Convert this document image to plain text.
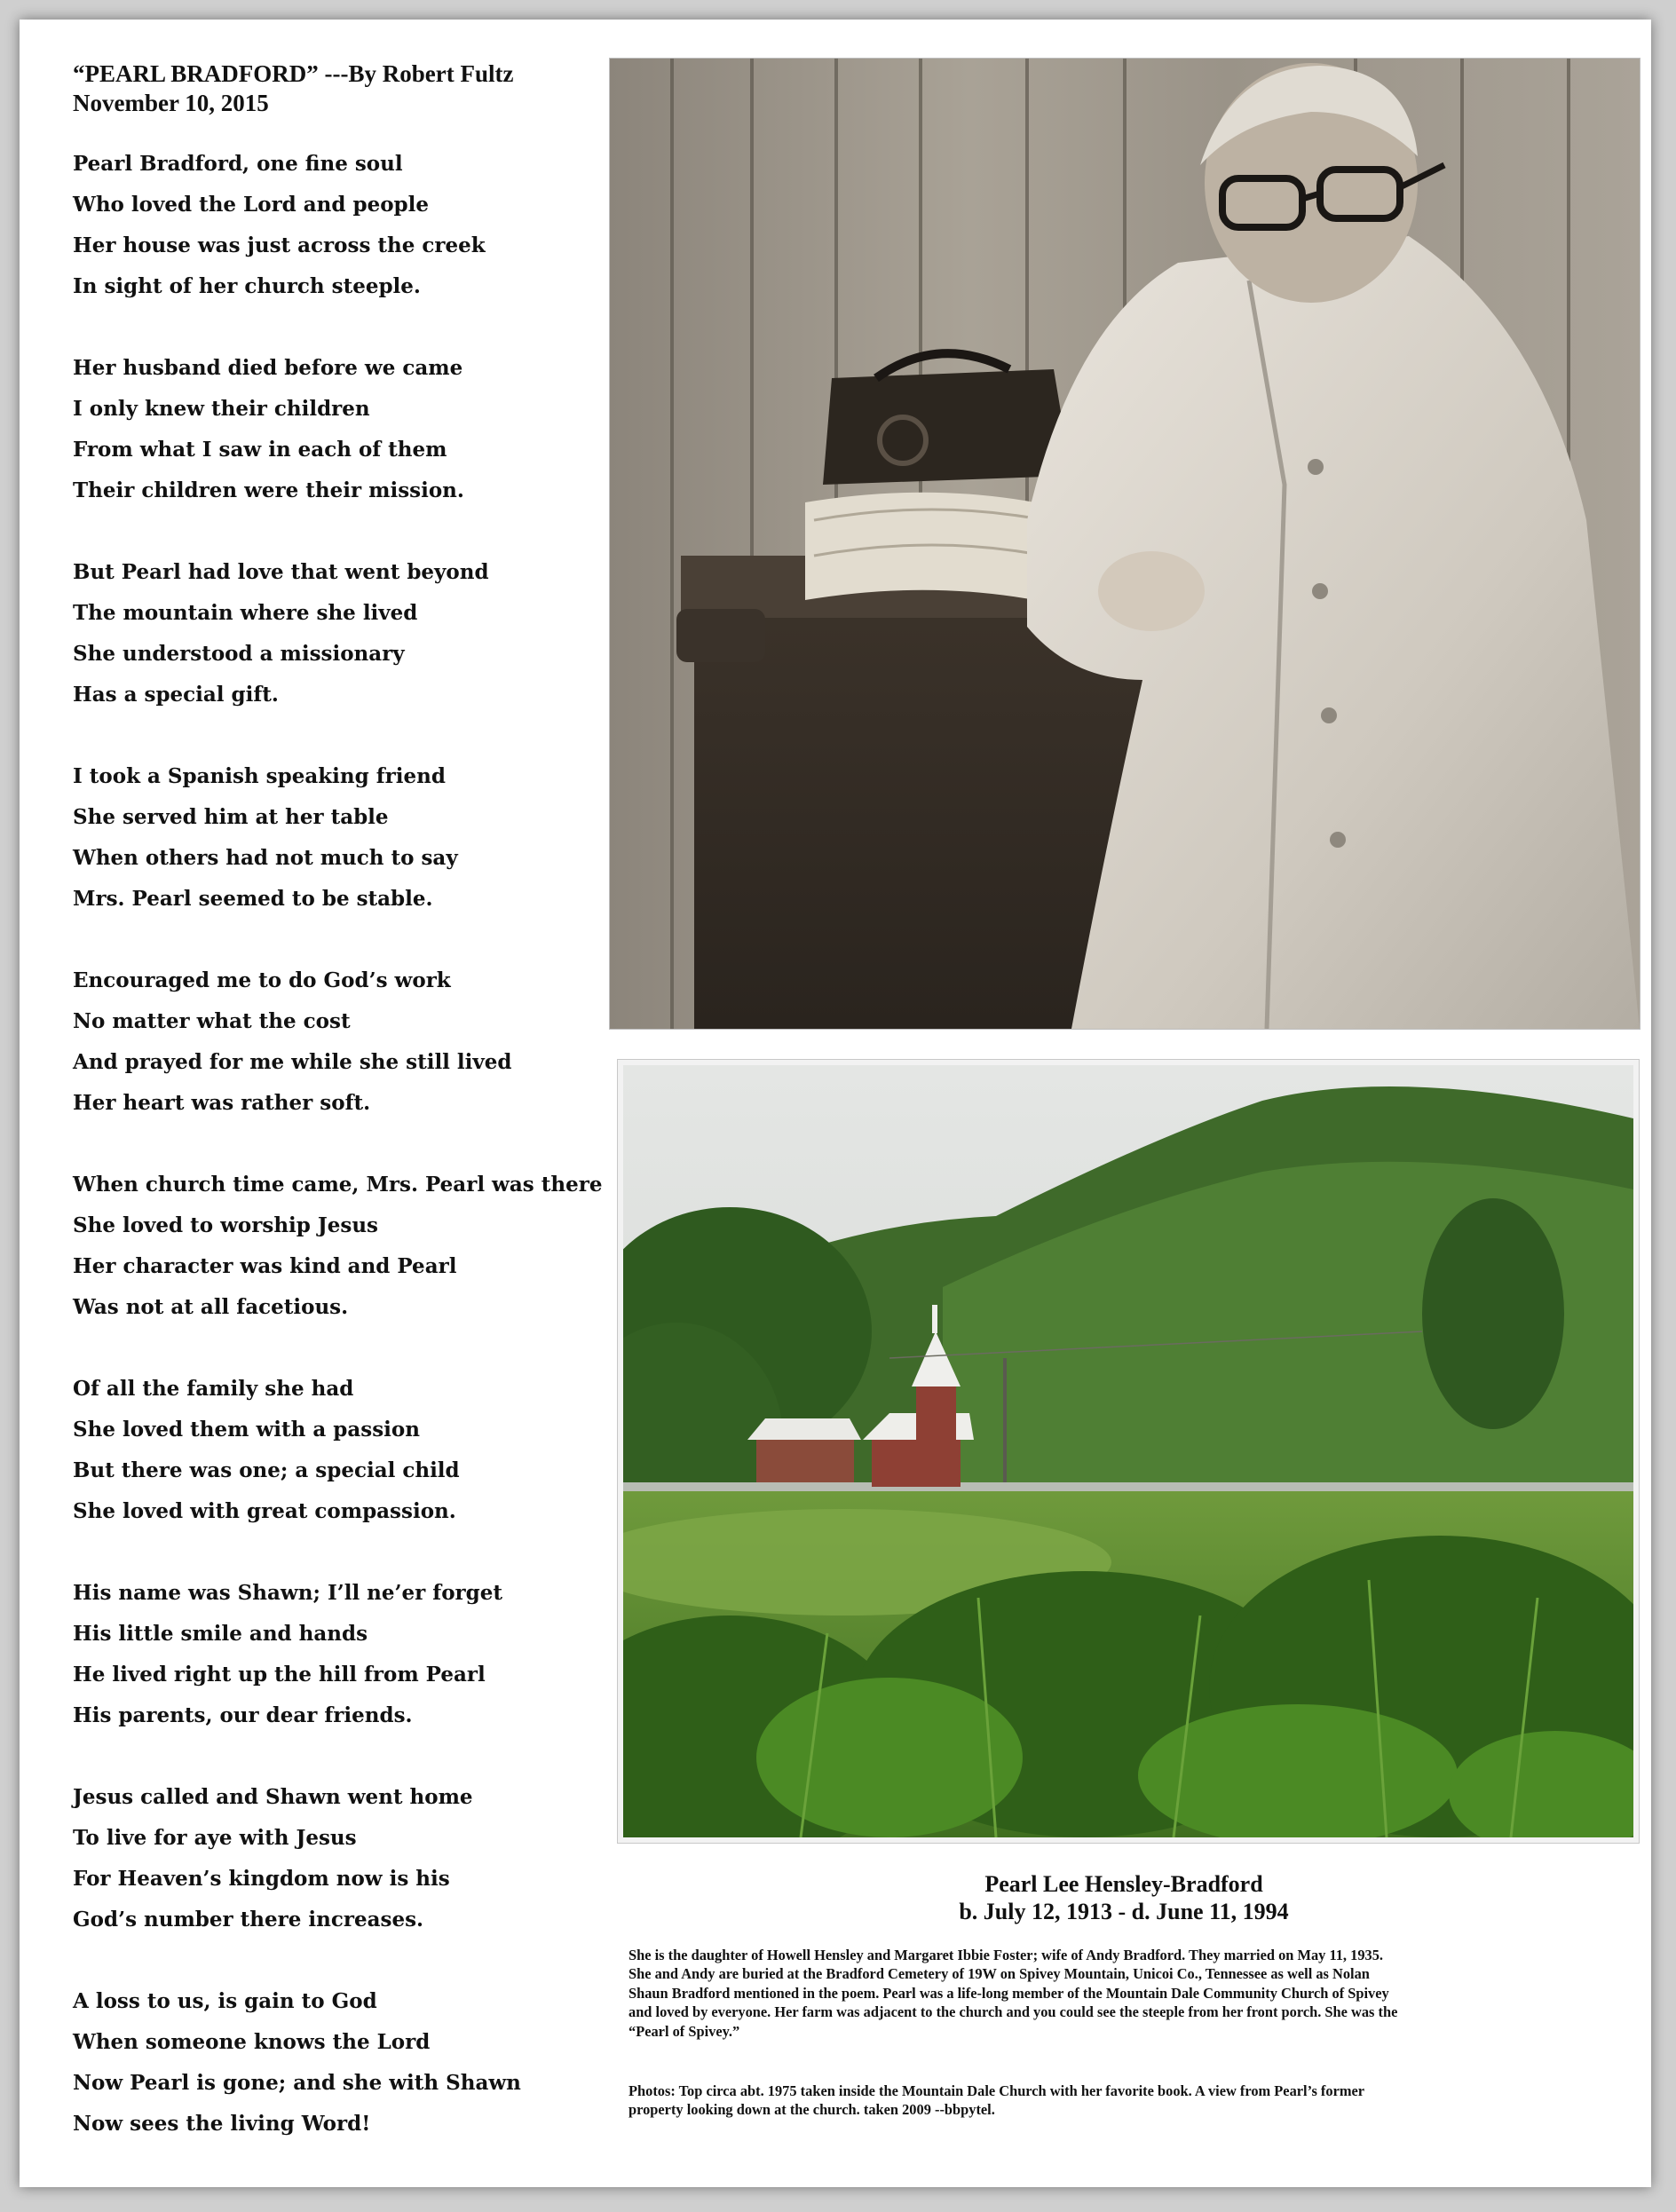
“PEARL BRADFORD” ---By Robert Fultz
November 10, 2015
Pearl Bradford, one fine soul
Who loved the Lord and people
Her house was just across the creek
In sight of her church steeple.
Her husband died before we came
I only knew their children
From what I saw in each of them
Their children were their mission.
But Pearl had love that went beyond
The mountain where she lived
She understood a missionary
Has a special gift.
I took a Spanish speaking friend
She served him at her table
When others had not much to say
Mrs. Pearl seemed to be stable.
Encouraged me to do God’s work
No matter what the cost
And prayed for me while she still lived
Her heart was rather soft.
When church time came, Mrs. Pearl was there
She loved to worship Jesus
Her character was kind and Pearl
Was not at all facetious.
Of all the family she had
She loved them with a passion
But there was one; a special child
She loved with great compassion.
His name was Shawn; I’ll ne’er forget
His little smile and hands
He lived right up the hill from Pearl
His parents, our dear friends.
Jesus called and Shawn went home
To live for aye with Jesus
For Heaven’s kingdom now is his
God’s number there increases.
A loss to us, is gain to God
When someone knows the Lord
Now Pearl is gone; and she with Shawn
Now sees the living Word!
Pearl Lee Hensley-Bradford
b. July 12, 1913 - d. June 11, 1994
She is the daughter of Howell Hensley and Margaret Ibbie Foster; wife of Andy Bradford. They married on May 11, 1935.
She and Andy are buried at the Bradford Cemetery of 19W on Spivey Mountain, Unicoi Co., Tennessee as well as Nolan
Shaun Bradford mentioned in the poem. Pearl was a life-long member of the Mountain Dale Community Church of Spivey
and loved by everyone. Her farm was adjacent to the church and you could see the steeple from her front porch. She was the
“Pearl of Spivey.”
Photos: Top circa abt. 1975 taken inside the Mountain Dale Church with her favorite book. A view from Pearl’s former
property looking down at the church. taken 2009 --bbpytel.
